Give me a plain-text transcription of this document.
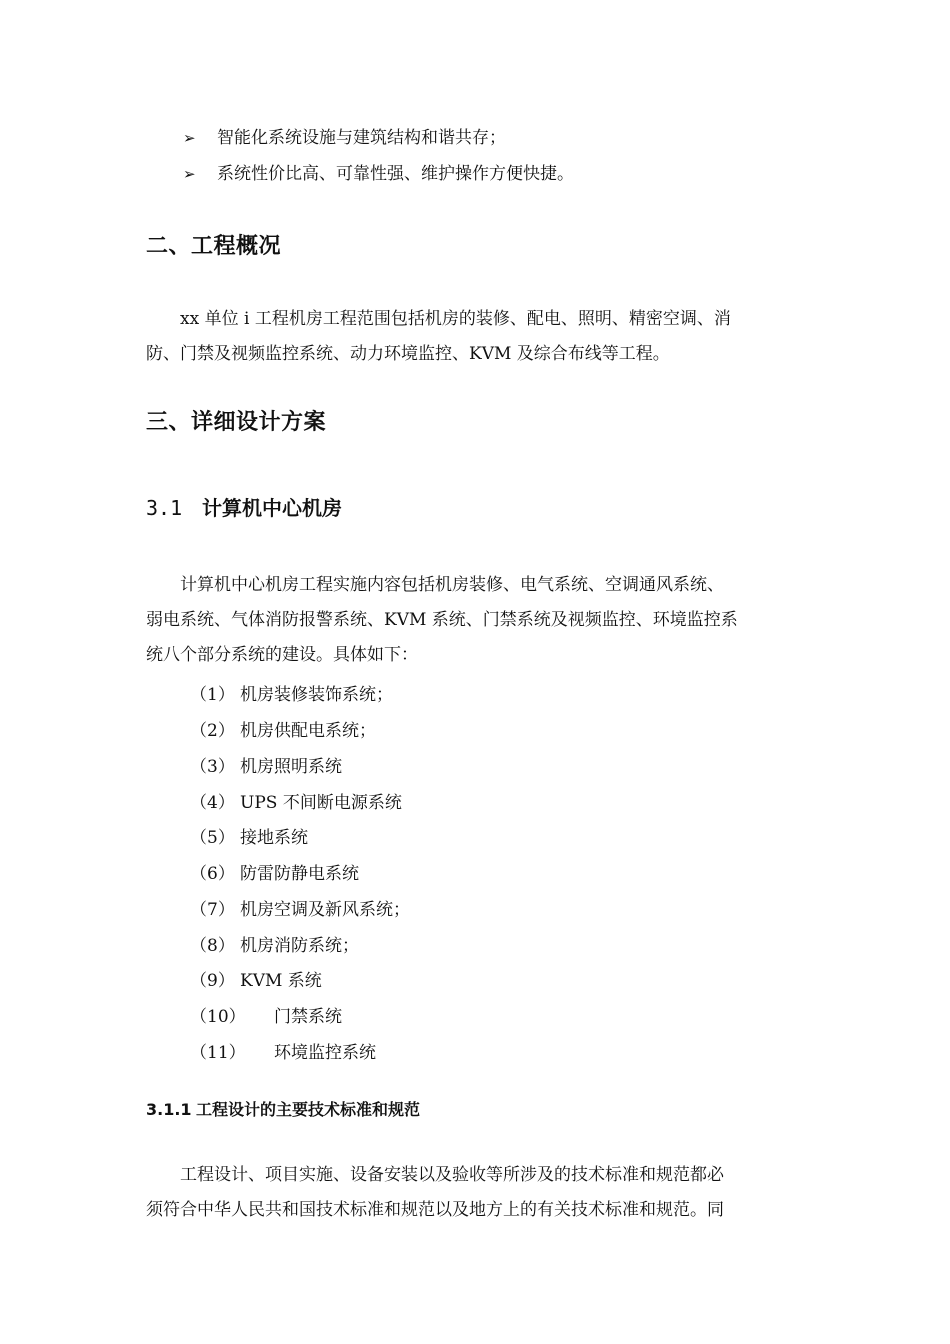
➢	智能化系统设施与建筑结构和谐共存；
➢	系统性价比高、可靠性强、维护操作方便快捷。
二、工程概况
xx 单位 i 工程机房工程范围包括机房的装修、配电、照明、精密空调、消
防、门禁及视频监控系统、动力环境监控、KVM 及综合布线等工程。
三、详细设计方案
3.1 计算机中心机房
计算机中心机房工程实施内容包括机房装修、电气系统、空调通风系统、
弱电系统、气体消防报警系统、KVM 系统、门禁系统及视频监控、环境监控系
统八个部分系统的建设。具体如下：
（1） 机房装修装饰系统；
（2） 机房供配电系统；
（3） 机房照明系统
（4） UPS 不间断电源系统
（5） 接地系统
（6） 防雷防静电系统
（7） 机房空调及新风系统；
（8） 机房消防系统；
（9） KVM 系统
（10）	门禁系统
（11）	环境监控系统
3.1.1 工程设计的主要技术标准和规范
工程设计、项目实施、设备安装以及验收等所涉及的技术标准和规范都必
须符合中华人民共和国技术标准和规范以及地方上的有关技术标准和规范。同
